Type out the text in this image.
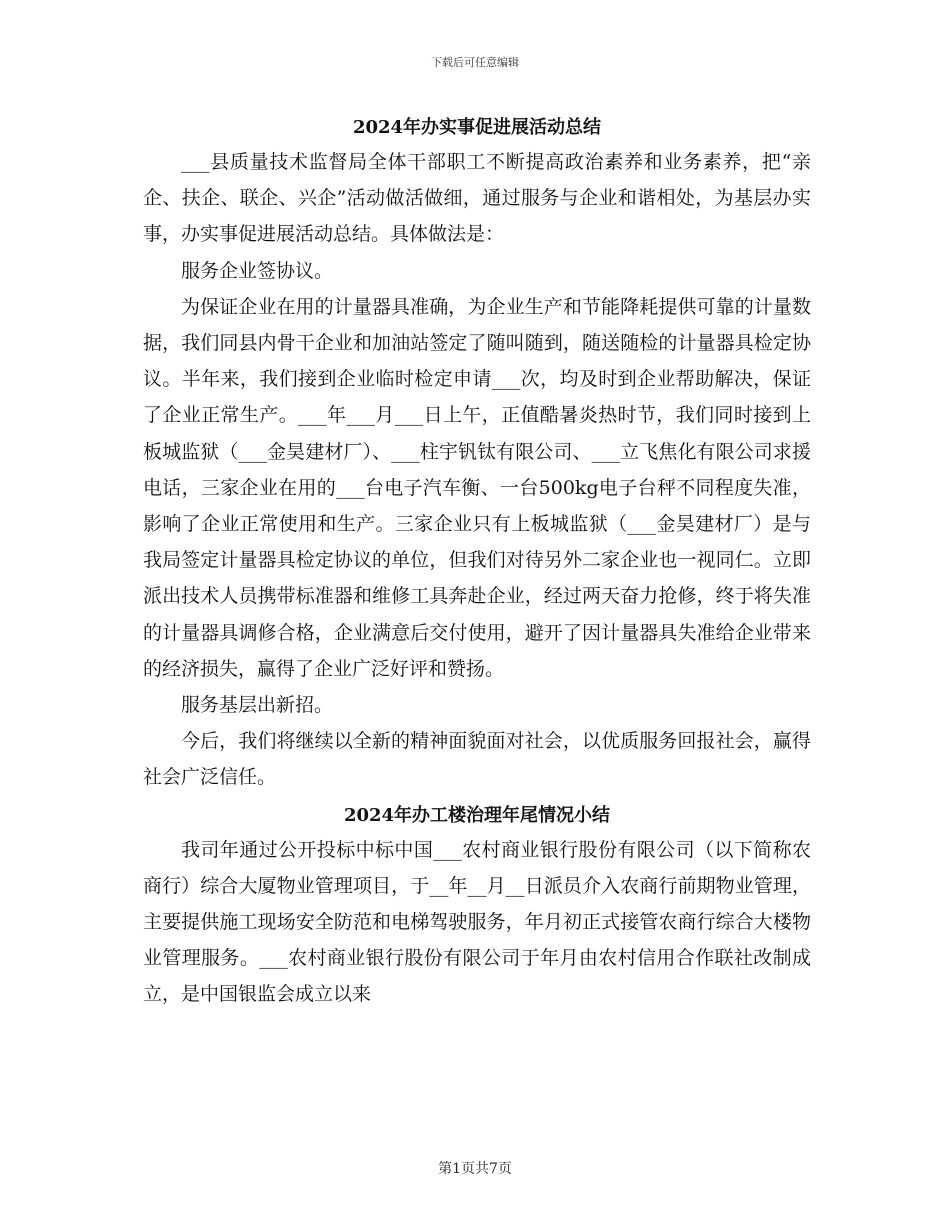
下载后可任意编辑
2024年办实事促进展活动总结

___县质量技术监督局全体干部职工不断提高政治素养和业务素养，把“亲企、扶企、联企、兴企”活动做活做细，通过服务与企业和谐相处，为基层办实事，办实事促进展活动总结。具体做法是：

服务企业签协议。

为保证企业在用的计量器具准确，为企业生产和节能降耗提供可靠的计量数据，我们同县内骨干企业和加油站签定了随叫随到，随送随检的计量器具检定协议。半年来，我们接到企业临时检定申请___次，均及时到企业帮助解决，保证了企业正常生产。___年___月___日上午，正值酷暑炎热时节，我们同时接到上板城监狱（___金昊建材厂）、___柱宇钒钛有限公司、___立飞焦化有限公司求援电话，三家企业在用的___台电子汽车衡、一台500kg电子台秤不同程度失准，影响了企业正常使用和生产。三家企业只有上板城监狱（___金昊建材厂）是与我局签定计量器具检定协议的单位，但我们对待另外二家企业也一视同仁。立即派出技术人员携带标准器和维修工具奔赴企业，经过两天奋力抢修，终于将失准的计量器具调修合格，企业满意后交付使用，避开了因计量器具失准给企业带来的经济损失，赢得了企业广泛好评和赞扬。

服务基层出新招。

今后，我们将继续以全新的精神面貌面对社会，以优质服务回报社会，赢得社会广泛信任。

2024年办工楼治理年尾情况小结

我司年通过公开投标中标中国___农村商业银行股份有限公司（以下简称农商行）综合大厦物业管理项目，于__年__月__日派员介入农商行前期物业管理，主要提供施工现场安全防范和电梯驾驶服务，年月初正式接管农商行综合大楼物业管理服务。___农村商业银行股份有限公司于年月由农村信用合作联社改制成立，是中国银监会成立以来

第1页共7页
